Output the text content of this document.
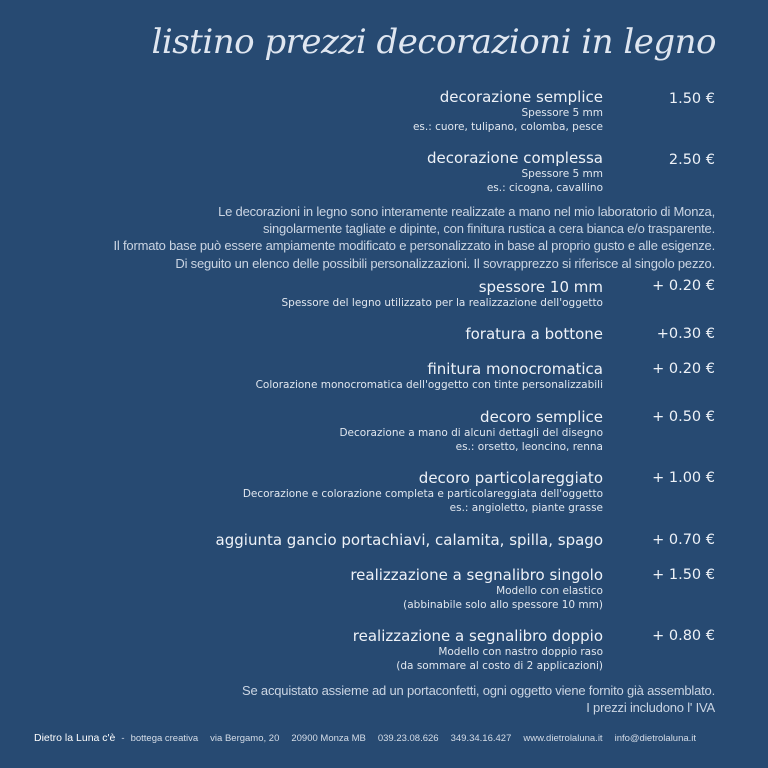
listino prezzi decorazioni in legno
decorazione semplice
Spessore 5 mm
es.: cuore, tulipano, colomba, pesce
1.50 €
decorazione complessa
Spessore 5 mm
es.: cicogna, cavallino
2.50 €
Le decorazioni in legno sono interamente realizzate a mano nel mio laboratorio di Monza,
singolarmente tagliate e dipinte, con finitura rustica a cera bianca e/o trasparente.
Il formato base può essere ampiamente modificato e personalizzato in base al proprio gusto e alle esigenze.
Di seguito un elenco delle possibili personalizzazioni. Il sovrapprezzo si riferisce al singolo pezzo.
spessore 10 mm
Spessore del legno utilizzato per la realizzazione dell'oggetto
+ 0.20 €
foratura a bottone	+0.30 €
finitura monocromatica
Colorazione monocromatica dell'oggetto con tinte personalizzabili
+ 0.20 €
decoro semplice
Decorazione a mano di alcuni dettagli del disegno
es.: orsetto, leoncino, renna
+ 0.50 €
decoro particolareggiato
Decorazione e colorazione completa e particolareggiata dell'oggetto
es.: angioletto, piante grasse
+ 1.00 €
aggiunta gancio portachiavi, calamita, spilla, spago	+ 0.70 €
realizzazione a segnalibro singolo
Modello con elastico
(abbinabile solo allo spessore 10 mm)
+ 1.50 €
realizzazione a segnalibro doppio
Modello con nastro doppio raso
(da sommare al costo di 2 applicazioni)
+ 0.80 €
Se acquistato assieme ad un portaconfetti, ogni oggetto viene fornito già assemblato.
I prezzi includono l' IVA
Dietro la Luna c'è - bottega creativa via Bergamo, 20 20900 Monza MB 039.23.08.626 349.34.16.427 www.dietrolaluna.it info@dietrolaluna.it
